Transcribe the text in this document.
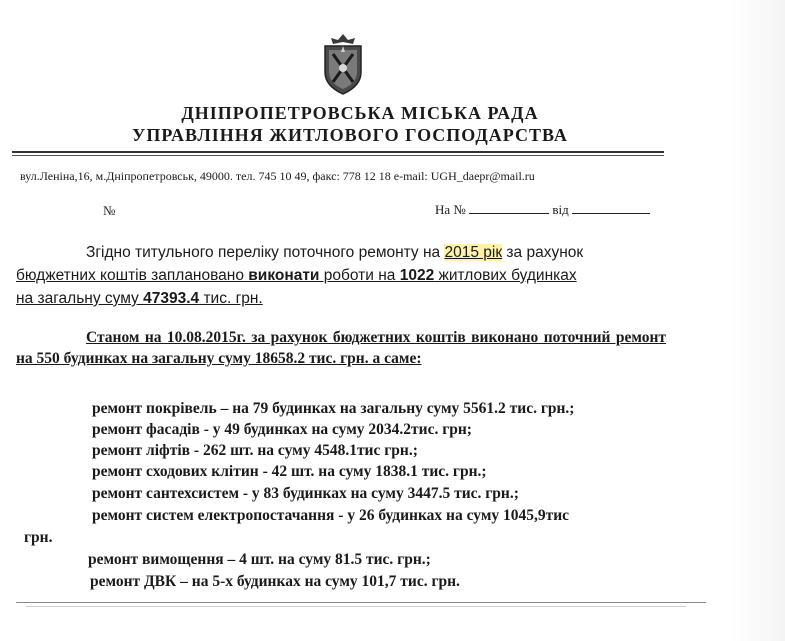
ДНІПРОПЕТРОВСЬКА МІСЬКА РАДА
УПРАВЛІННЯ ЖИТЛОВОГО ГОСПОДАРСТВА
вул.Леніна,16, м.Дніпропетровськ, 49000. тел. 745 10 49, факс: 778 12 18 e-mail: UGH_daepr@mail.ru
№	На №	від
Згідно титульного переліку поточного ремонту на 2015 рік за рахунок
бюджетних коштів заплановано виконати роботи на 1022 житлових будинках
на загальну суму 47393.4 тис. грн.
Станом на 10.08.2015г. за рахунок бюджетних коштів виконано поточний ремонт на 550 будинках на загальну суму 18658.2 тис. грн. а саме:
ремонт покрівель – на 79 будинках на загальну суму 5561.2 тис. грн.;
ремонт фасадів - у 49 будинках на суму 2034.2тис. грн;
ремонт ліфтів - 262 шт. на суму 4548.1тис грн.;
ремонт сходових клітин - 42 шт. на суму 1838.1 тис. грн.;
ремонт сантехсистем - у 83 будинках на суму 3447.5 тис. грн.;
ремонт систем електропостачання - у 26 будинках на суму 1045,9тис
грн.
ремонт вимощення – 4 шт. на суму 81.5 тис. грн.;
ремонт ДВК – на 5-х будинках на суму 101,7 тис. грн.
